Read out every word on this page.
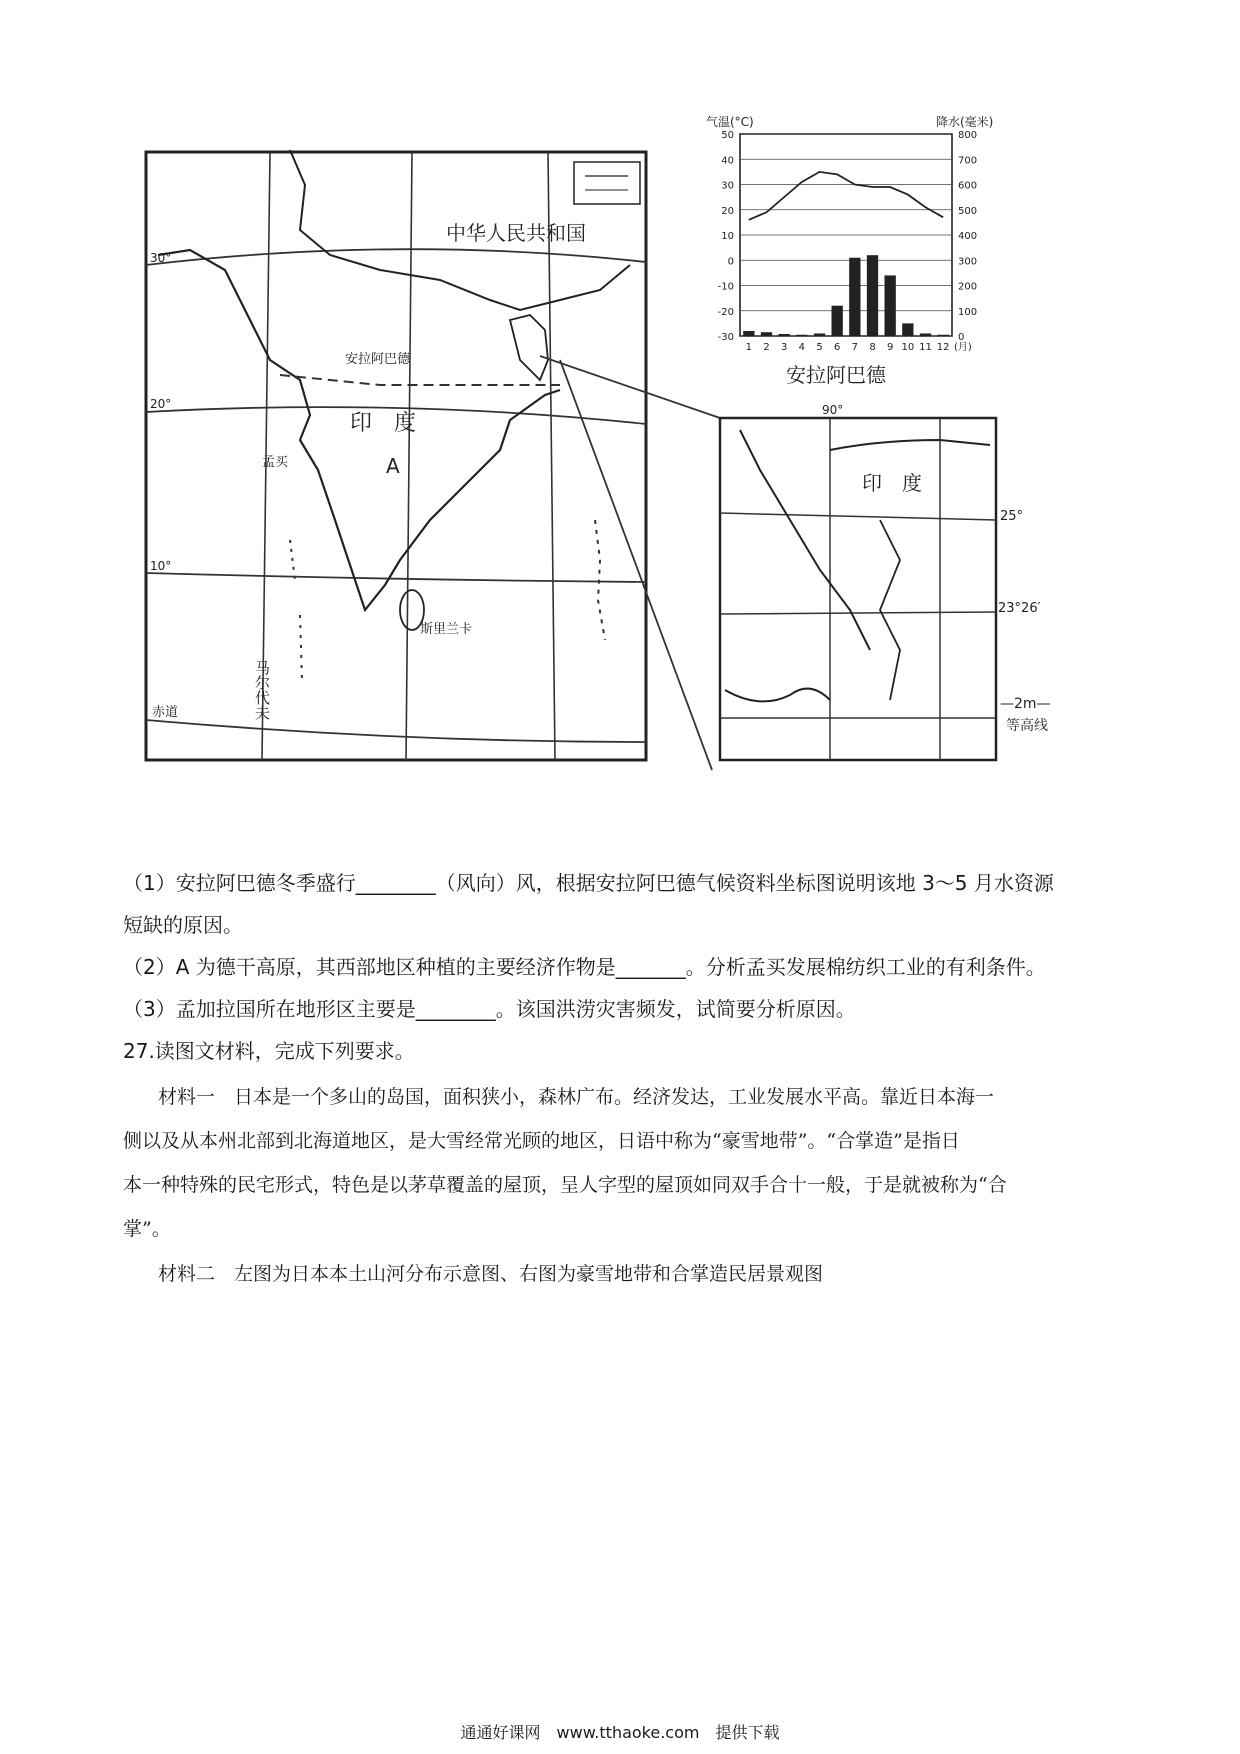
中华人民共和国
安拉阿巴德
印　度
A
孟买
斯里兰卡
马尔代夫
赤道
30°
20°
10°
气温(°C)	降水(毫米)
-30
-20
-10
0
10
20
30
40
50
0
100
200
300
400
500
600
700
800
1 2 3 4 5 6 7 8 9 10 11 12 (月)
安拉阿巴德
印　度
25°
23°26′
90°
—2m—
等高线
（1）安拉阿巴德冬季盛行________（风向）风，根据安拉阿巴德气候资料坐标图说明该地 3～5 月水资源
短缺的原因。
（2）A 为德干高原，其西部地区种植的主要经济作物是_______。分析孟买发展棉纺织工业的有利条件。
（3）孟加拉国所在地形区主要是________。该国洪涝灾害频发，试简要分析原因。
27.读图文材料，完成下列要求。
材料一　日本是一个多山的岛国，面积狭小，森林广布。经济发达，工业发展水平高。靠近日本海一
侧以及从本州北部到北海道地区，是大雪经常光顾的地区，日语中称为“豪雪地带”。“合掌造”是指日
本一种特殊的民宅形式，特色是以茅草覆盖的屋顶，呈人字型的屋顶如同双手合十一般，于是就被称为“合
掌”。
材料二　左图为日本本土山河分布示意图、右图为豪雪地带和合掌造民居景观图
通通好课网　www.tthaoke.com　提供下载
